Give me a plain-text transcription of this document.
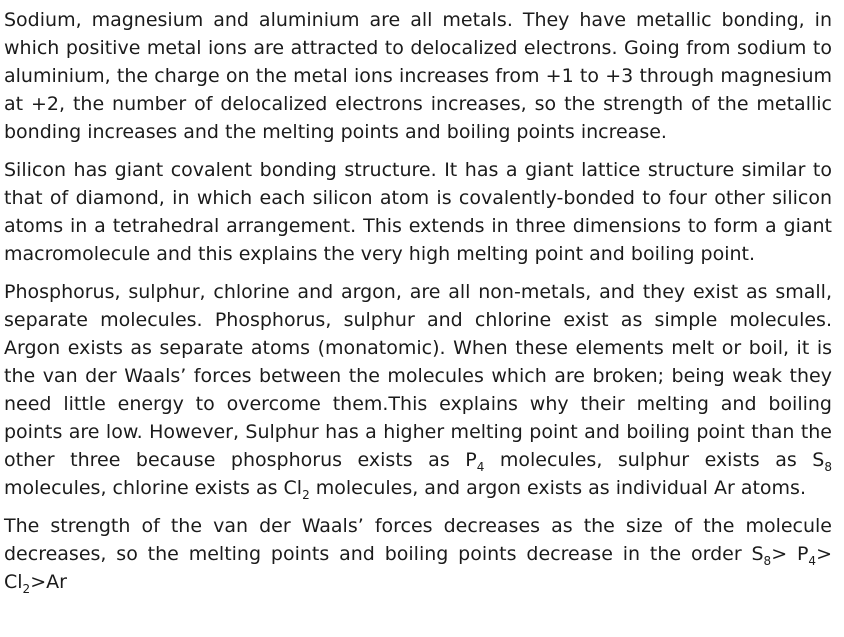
Sodium, magnesium and aluminium are all metals. They have metallic bonding, in which positive metal ions are attracted to delocalized electrons. Going from sodium to aluminium, the charge on the metal ions increases from +1 to +3 through magnesium at +2, the number of delocalized electrons increases, so the strength of the metallic bonding increases and the melting points and boiling points increase.

Silicon has giant covalent bonding structure. It has a giant lattice structure similar to that of diamond, in which each silicon atom is covalently-bonded to four other silicon atoms in a tetrahedral arrangement. This extends in three dimensions to form a giant macromolecule and this explains the very high melting point and boiling point.

Phosphorus, sulphur, chlorine and argon, are all non-metals, and they exist as small, separate molecules. Phosphorus, sulphur and chlorine exist as simple molecules. Argon exists as separate atoms (monatomic). When these elements melt or boil, it is the van der Waals’ forces between the molecules which are broken; being weak they need little energy to overcome them.This explains why their melting and boiling points are low. However, Sulphur has a higher melting point and boiling point than the other three because phosphorus exists as $P_4$ molecules, sulphur exists as $S_8$ molecules, chlorine exists as $Cl_2$ molecules, and argon exists as individual Ar atoms.

The strength of the van der Waals’ forces decreases as the size of the molecule decreases, so the melting points and boiling points decrease in the order $S_8> P_4> Cl_2>Ar$
